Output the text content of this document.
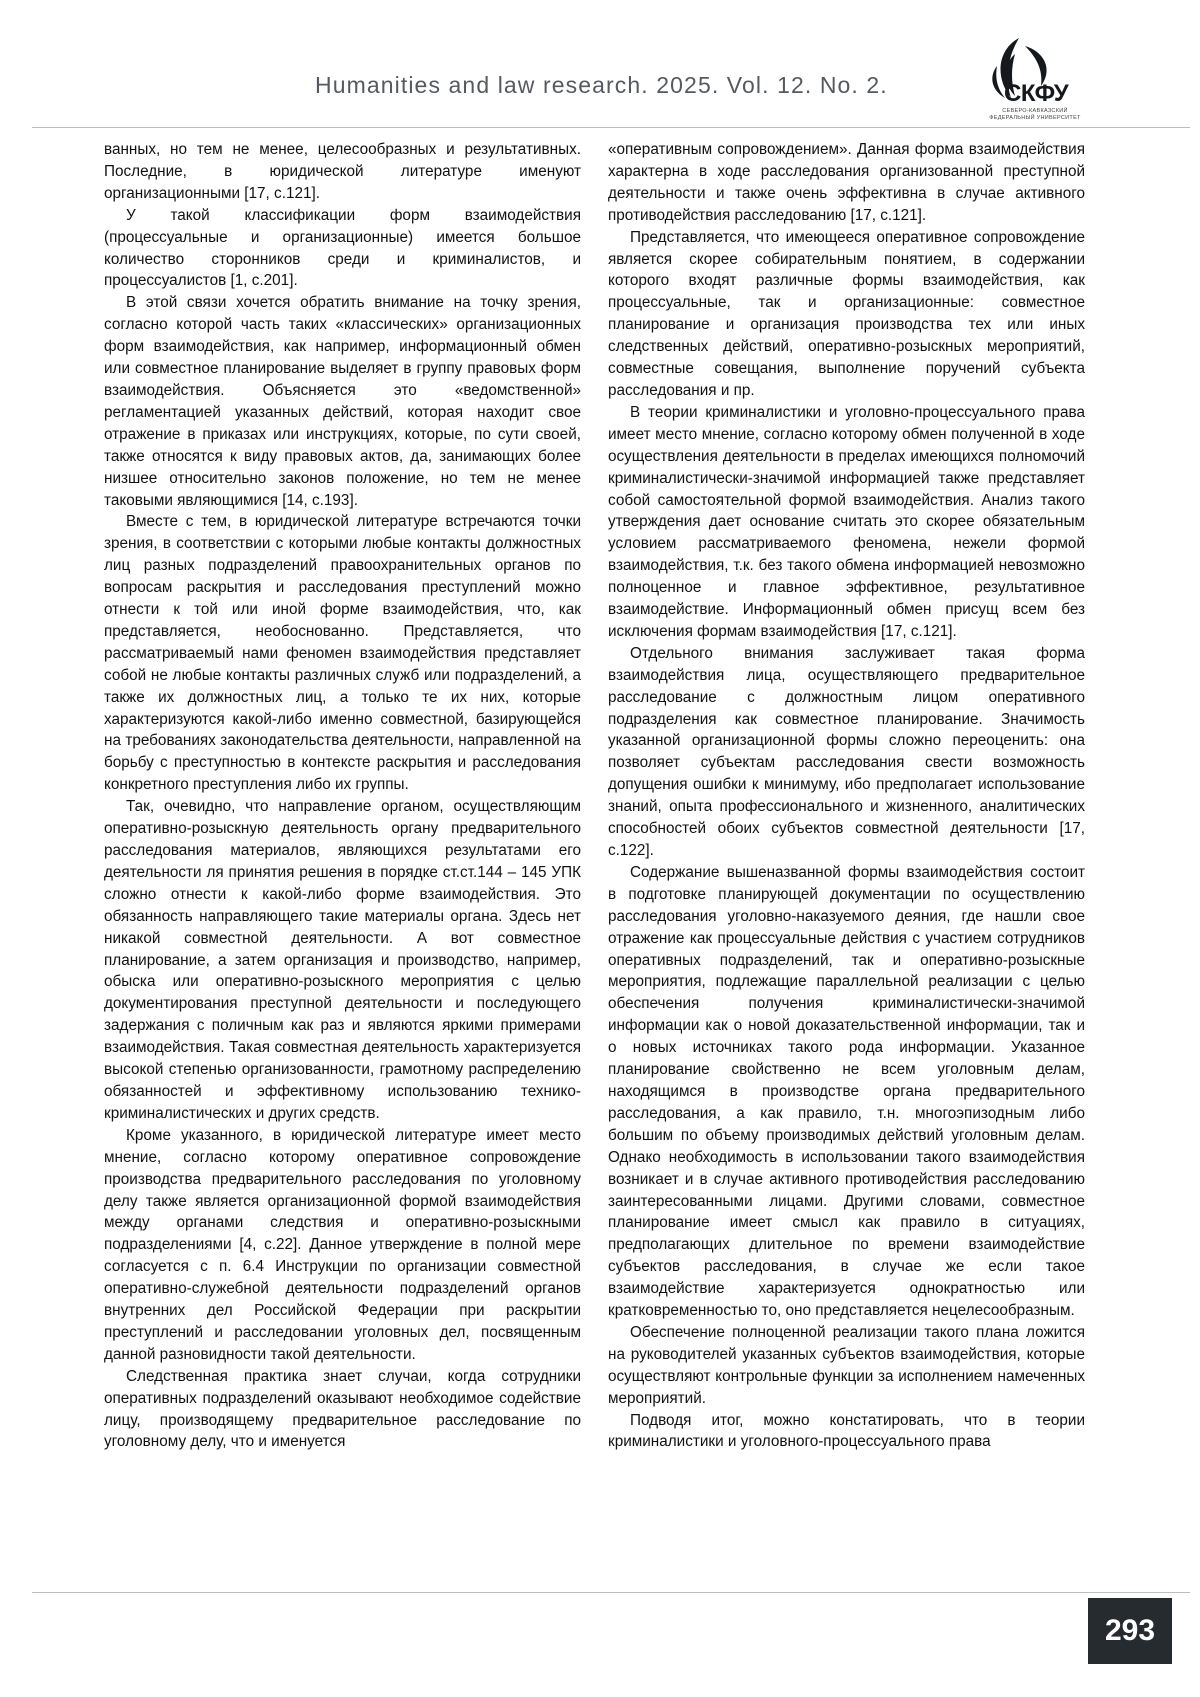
Humanities and law research. 2025. Vol. 12. No. 2.	СКФУ
СЕВЕРО-КАВКАЗСКИЙ ФЕДЕРАЛЬНЫЙ УНИВЕРСИТЕТ

ванных, но тем не менее, целесообразных и результативных. Последние, в юридической литературе именуют организационными [17, с.121].

У такой классификации форм взаимодействия (процессуальные и организационные) имеется большое количество сторонников среди и криминалистов, и процессуалистов [1, с.201].

В этой связи хочется обратить внимание на точку зрения, согласно которой часть таких «классических» организационных форм взаимодействия, как например, информационный обмен или совместное планирование выделяет в группу правовых форм взаимодействия. Объясняется это «ведомственной» регламентацией указанных действий, которая находит свое отражение в приказах или инструкциях, которые, по сути своей, также относятся к виду правовых актов, да, занимающих более низшее относительно законов положение, но тем не менее таковыми являющимися [14, с.193].

Вместе с тем, в юридической литературе встречаются точки зрения, в соответствии с которыми любые контакты должностных лиц разных подразделений правоохранительных органов по вопросам раскрытия и расследования преступлений можно отнести к той или иной форме взаимодействия, что, как представляется, необоснованно. Представляется, что рассматриваемый нами феномен взаимодействия представляет собой не любые контакты различных служб или подразделений, а также их должностных лиц, а только те их них, которые характеризуются какой-либо именно совместной, базирующейся на требованиях законодательства деятельности, направленной на борьбу с преступностью в контексте раскрытия и расследования конкретного преступления либо их группы.

Так, очевидно, что направление органом, осуществляющим оперативно-розыскную деятельность органу предварительного расследования материалов, являющихся результатами его деятельности ля принятия решения в порядке ст.ст.144 – 145 УПК сложно отнести к какой-либо форме взаимодействия. Это обязанность направляющего такие материалы органа. Здесь нет никакой совместной деятельности. А вот совместное планирование, а затем организация и производство, например, обыска или оперативно-розыскного мероприятия с целью документирования преступной деятельности и последующего задержания с поличным как раз и являются яркими примерами взаимодействия. Такая совместная деятельность характеризуется высокой степенью организованности, грамотному распределению обязанностей и эффективному использованию технико-криминалистических и других средств.

Кроме указанного, в юридической литературе имеет место мнение, согласно которому оперативное сопровождение производства предварительного расследования по уголовному делу также является организационной формой взаимодействия между органами следствия и оперативно-розыскными подразделениями [4, с.22]. Данное утверждение в полной мере согласуется с п. 6.4 Инструкции по организации совместной оперативно-служебной деятельности подразделений органов внутренних дел Российской Федерации при раскрытии преступлений и расследовании уголовных дел, посвященным данной разновидности такой деятельности.

Следственная практика знает случаи, когда сотрудники оперативных подразделений оказывают необходимое содействие лицу, производящему предварительное расследование по уголовному делу, что и именуется

«оперативным сопровождением». Данная форма взаимодействия характерна в ходе расследования организованной преступной деятельности и также очень эффективна в случае активного противодействия расследованию [17, с.121].

Представляется, что имеющееся оперативное сопровождение является скорее собирательным понятием, в содержании которого входят различные формы взаимодействия, как процессуальные, так и организационные: совместное планирование и организация производства тех или иных следственных действий, оперативно-розыскных мероприятий, совместные совещания, выполнение поручений субъекта расследования и пр.

В теории криминалистики и уголовно-процессуального права имеет место мнение, согласно которому обмен полученной в ходе осуществления деятельности в пределах имеющихся полномочий криминалистически-значимой информацией также представляет собой самостоятельной формой взаимодействия. Анализ такого утверждения дает основание считать это скорее обязательным условием рассматриваемого феномена, нежели формой взаимодействия, т.к. без такого обмена информацией невозможно полноценное и главное эффективное, результативное взаимодействие. Информационный обмен присущ всем без исключения формам взаимодействия [17, с.121].

Отдельного внимания заслуживает такая форма взаимодействия лица, осуществляющего предварительное расследование с должностным лицом оперативного подразделения как совместное планирование. Значимость указанной организационной формы сложно переоценить: она позволяет субъектам расследования свести возможность допущения ошибки к минимуму, ибо предполагает использование знаний, опыта профессионального и жизненного, аналитических способностей обоих субъектов совместной деятельности [17, с.122].

Содержание вышеназванной формы взаимодействия состоит в подготовке планирующей документации по осуществлению расследования уголовно-наказуемого деяния, где нашли свое отражение как процессуальные действия с участием сотрудников оперативных подразделений, так и оперативно-розыскные мероприятия, подлежащие параллельной реализации с целью обеспечения получения криминалистически-значимой информации как о новой доказательственной информации, так и о новых источниках такого рода информации. Указанное планирование свойственно не всем уголовным делам, находящимся в производстве органа предварительного расследования, а как правило, т.н. многоэпизодным либо большим по объему производимых действий уголовным делам. Однако необходимость в использовании такого взаимодействия возникает и в случае активного противодействия расследованию заинтересованными лицами. Другими словами, совместное планирование имеет смысл как правило в ситуациях, предполагающих длительное по времени взаимодействие субъектов расследования, в случае же если такое взаимодействие характеризуется однократностью или кратковременностью то, оно представляется нецелесообразным.

Обеспечение полноценной реализации такого плана ложится на руководителей указанных субъектов взаимодействия, которые осуществляют контрольные функции за исполнением намеченных мероприятий.

Подводя итог, можно констатировать, что в теории криминалистики и уголовного-процессуального права

293
